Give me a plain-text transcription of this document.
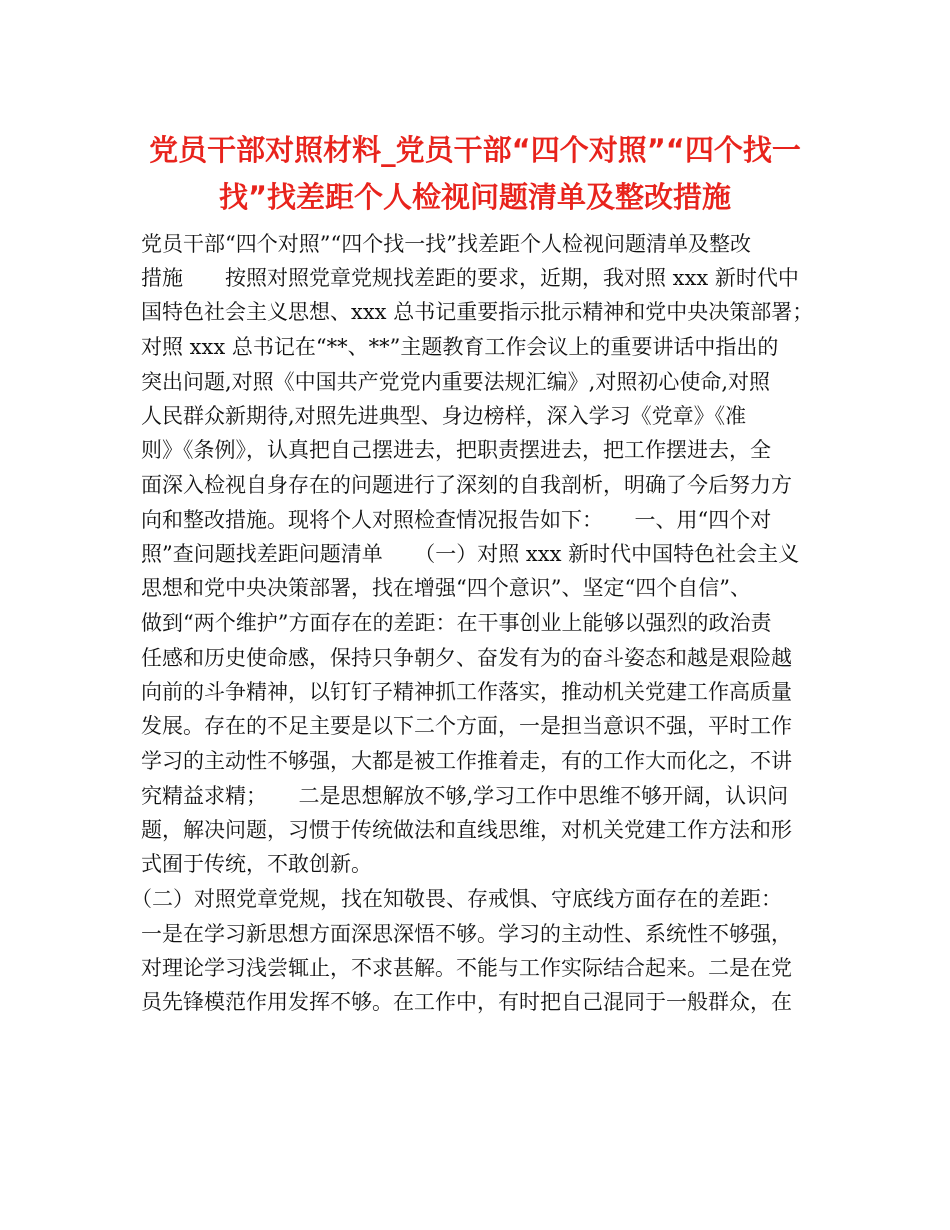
党员干部对照材料_党员干部“四个对照”“四个找一
找”找差距个人检视问题清单及整改措施
党员干部“四个对照”“四个找一找”找差距个人检视问题清单及整改
措施　　按照对照党章党规找差距的要求，近期，我对照 xxx 新时代中
国特色社会主义思想、xxx 总书记重要指示批示精神和党中央决策部署；
对照 xxx 总书记在“**、**”主题教育工作会议上的重要讲话中指出的
突出问题,对照《中国共产党党内重要法规汇编》,对照初心使命,对照
人民群众新期待,对照先进典型、身边榜样，深入学习《党章》《准
则》《条例》，认真把自己摆进去，把职责摆进去，把工作摆进去，全
面深入检视自身存在的问题进行了深刻的自我剖析，明确了今后努力方
向和整改措施。现将个人对照检查情况报告如下：　　一、用“四个对
照”查问题找差距问题清单　　（一）对照 xxx 新时代中国特色社会主义
思想和党中央决策部署，找在增强“四个意识”、坚定“四个自信”、
做到“两个维护”方面存在的差距：在干事创业上能够以强烈的政治责
任感和历史使命感，保持只争朝夕、奋发有为的奋斗姿态和越是艰险越
向前的斗争精神，以钉钉子精神抓工作落实，推动机关党建工作高质量
发展。存在的不足主要是以下二个方面，一是担当意识不强，平时工作
学习的主动性不够强，大都是被工作推着走，有的工作大而化之，不讲
究精益求精；　　二是思想解放不够,学习工作中思维不够开阔，认识问
题，解决问题，习惯于传统做法和直线思维，对机关党建工作方法和形
式囿于传统，不敢创新。
（二）对照党章党规，找在知敬畏、存戒惧、守底线方面存在的差距：
一是在学习新思想方面深思深悟不够。学习的主动性、系统性不够强，
对理论学习浅尝辄止，不求甚解。不能与工作实际结合起来。二是在党
员先锋模范作用发挥不够。在工作中，有时把自己混同于一般群众，在
